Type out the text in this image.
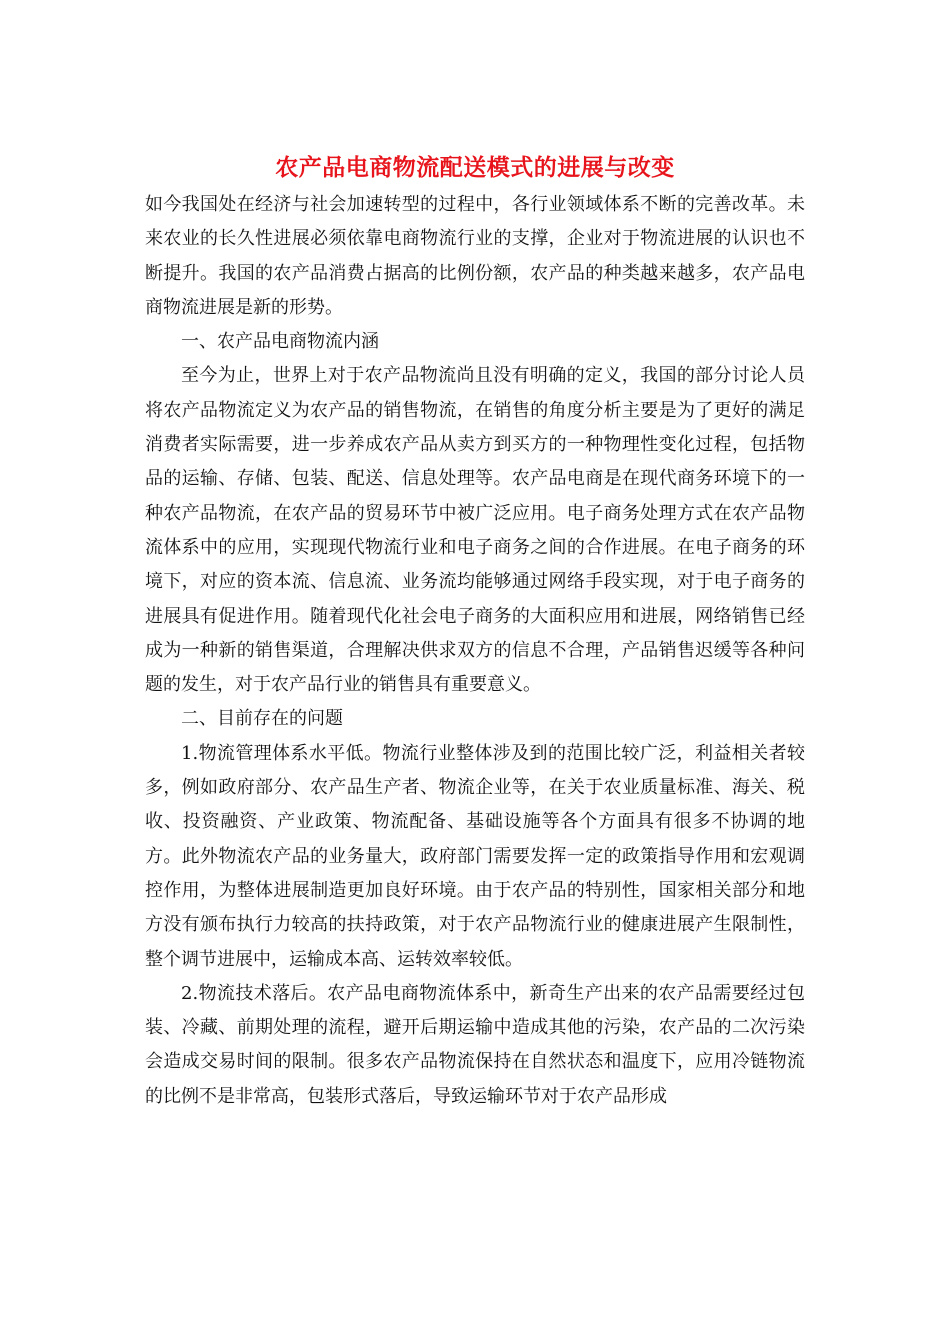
农产品电商物流配送模式的进展与改变

如今我国处在经济与社会加速转型的过程中，各行业领域体系不断的完善改革。未来农业的长久性进展必须依靠电商物流行业的支撑，企业对于物流进展的认识也不断提升。我国的农产品消费占据高的比例份额，农产品的种类越来越多，农产品电商物流进展是新的形势。

一、农产品电商物流内涵

至今为止，世界上对于农产品物流尚且没有明确的定义，我国的部分讨论人员将农产品物流定义为农产品的销售物流，在销售的角度分析主要是为了更好的满足消费者实际需要，进一步养成农产品从卖方到买方的一种物理性变化过程，包括物品的运输、存储、包装、配送、信息处理等。农产品电商是在现代商务环境下的一种农产品物流，在农产品的贸易环节中被广泛应用。电子商务处理方式在农产品物流体系中的应用，实现现代物流行业和电子商务之间的合作进展。在电子商务的环境下，对应的资本流、信息流、业务流均能够通过网络手段实现，对于电子商务的进展具有促进作用。随着现代化社会电子商务的大面积应用和进展，网络销售已经成为一种新的销售渠道，合理解决供求双方的信息不合理，产品销售迟缓等各种问题的发生，对于农产品行业的销售具有重要意义。

二、目前存在的问题

1.物流管理体系水平低。物流行业整体涉及到的范围比较广泛，利益相关者较多，例如政府部分、农产品生产者、物流企业等，在关于农业质量标准、海关、税收、投资融资、产业政策、物流配备、基础设施等各个方面具有很多不协调的地方。此外物流农产品的业务量大，政府部门需要发挥一定的政策指导作用和宏观调控作用，为整体进展制造更加良好环境。由于农产品的特别性，国家相关部分和地方没有颁布执行力较高的扶持政策，对于农产品物流行业的健康进展产生限制性，整个调节进展中，运输成本高、运转效率较低。

2.物流技术落后。农产品电商物流体系中，新奇生产出来的农产品需要经过包装、冷藏、前期处理的流程，避开后期运输中造成其他的污染，农产品的二次污染会造成交易时间的限制。很多农产品物流保持在自然状态和温度下，应用冷链物流的比例不是非常高，包装形式落后，导致运输环节对于农产品形成
